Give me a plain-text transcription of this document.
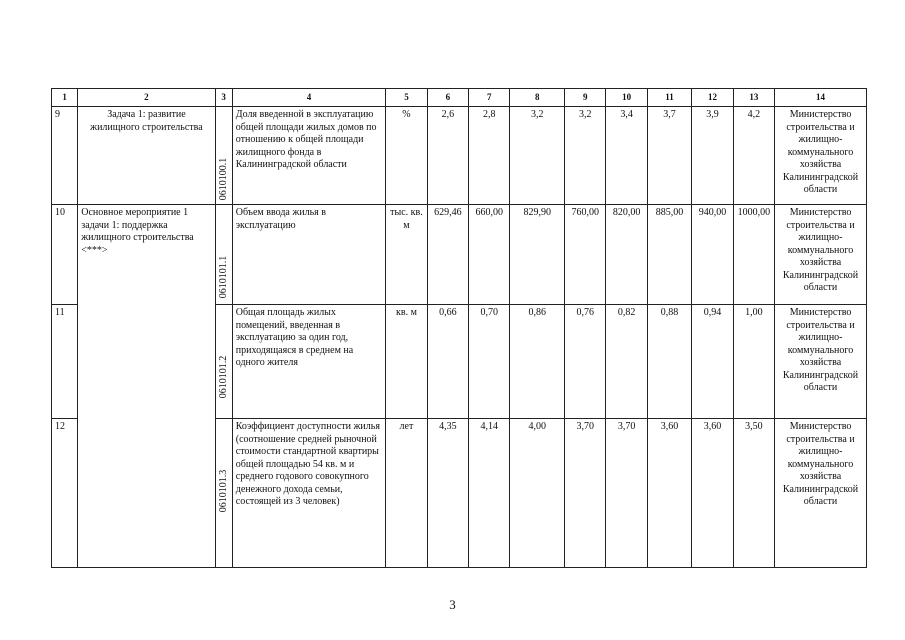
1	2	3	4	5	6	7	8	9	10	11	12	13	14
9	Задача 1: развитие жилищного строительства	0610100.1	Доля введенной в эксплуатацию общей площади жилых домов по отношению к общей площади жилищного фонда в Калининградской области	%	2,6	2,8	3,2	3,2	3,4	3,7	3,9	4,2	Министерство строительства и жилищно-коммунального хозяйства Калининградской области
10	Основное мероприятие 1 задачи 1: поддержка жилищного строительства <***>	0610101.1	Объем ввода жилья в эксплуатацию	тыс. кв. м	629,46	660,00	829,90	760,00	820,00	885,00	940,00	1000,00	Министерство строительства и жилищно-коммунального хозяйства Калининградской области
11		0610101.2	Общая площадь жилых помещений, введенная в эксплуатацию за один год, приходящаяся в среднем на одного жителя	кв. м	0,66	0,70	0,86	0,76	0,82	0,88	0,94	1,00	Министерство строительства и жилищно-коммунального хозяйства Калининградской области
12		0610101.3	Коэффициент доступности жилья (соотношение средней рыночной стоимости стандартной квартиры общей площадью 54 кв. м и среднего годового совокупного денежного дохода семьи, состоящей из 3 человек)	лет	4,35	4,14	4,00	3,70	3,70	3,60	3,60	3,50	Министерство строительства и жилищно-коммунального хозяйства Калининградской области
3
